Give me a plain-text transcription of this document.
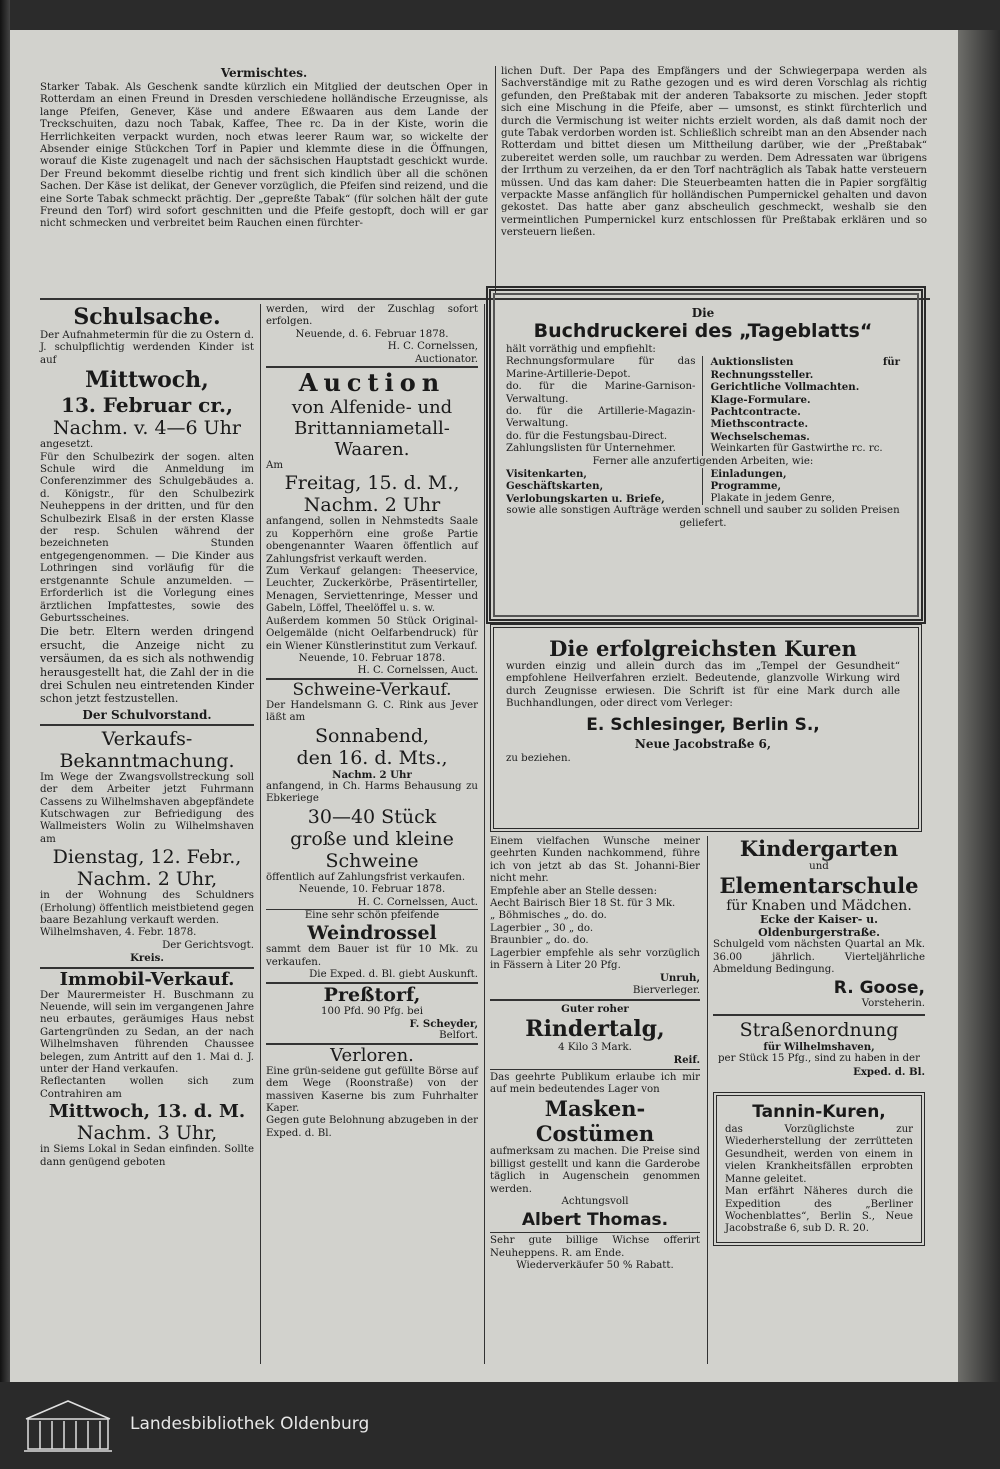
Vermischtes.

Starker Tabak. Als Geschenk sandte kürzlich ein Mitglied der deutschen Oper in Rotterdam an einen Freund in Dresden verschiedene holländische Erzeugnisse, als lange Pfeifen, Genever, Käse und andere Eßwaaren aus dem Lande der Treckschuiten, dazu noch Tabak, Kaffee, Thee rc. Da in der Kiste, worin die Herrlichkeiten verpackt wurden, noch etwas leerer Raum war, so wickelte der Absender einige Stückchen Torf in Papier und klemmte diese in die Öffnungen, worauf die Kiste zugenagelt und nach der sächsischen Hauptstadt geschickt wurde. Der Freund bekommt dieselbe richtig und frent sich kindlich über all die schönen Sachen. Der Käse ist delikat, der Genever vorzüglich, die Pfeifen sind reizend, und die eine Sorte Tabak schmeckt prächtig. Der „gepreßte Tabak“ (für solchen hält der gute Freund den Torf) wird sofort geschnitten und die Pfeife gestopft, doch will er gar nicht schmecken und verbreitet beim Rauchen einen fürchter-

lichen Duft. Der Papa des Empfängers und der Schwiegerpapa werden als Sachverständige mit zu Rathe gezogen und es wird deren Vorschlag als richtig gefunden, den Preßtabak mit der anderen Tabaksorte zu mischen. Jeder stopft sich eine Mischung in die Pfeife, aber — umsonst, es stinkt fürchterlich und durch die Vermischung ist weiter nichts erzielt worden, als daß damit noch der gute Tabak verdorben worden ist. Schließlich schreibt man an den Absender nach Rotterdam und bittet diesen um Mittheilung darüber, wie der „Preßtabak“ zubereitet werden solle, um rauchbar zu werden. Dem Adressaten war übrigens der Irrthum zu verzeihen, da er den Torf nachträglich als Tabak hatte versteuern müssen. Und das kam daher: Die Steuerbeamten hatten die in Papier sorgfältig verpackte Masse anfänglich für holländischen Pumpernickel gehalten und davon gekostet. Das hatte aber ganz abscheulich geschmeckt, weshalb sie den vermeintlichen Pumpernickel kurz entschlossen für Preßtabak erklären und so versteuern ließen.

Schulsache.

Der Aufnahmetermin für die zu Ostern d. J. schulpflichtig werdenden Kinder ist auf

Mittwoch,

13. Februar cr.,

Nachm. v. 4—6 Uhr

angesetzt.

Für den Schulbezirk der sogen. alten Schule wird die Anmeldung im Conferenzimmer des Schulgebäudes a. d. Königstr., für den Schulbezirk Neuheppens in der dritten, und für den Schulbezirk Elsaß in der ersten Klasse der resp. Schulen während der bezeichneten Stunden entgegengenommen. — Die Kinder aus Lothringen sind vorläufig für die erstgenannte Schule anzumelden. — Erforderlich ist die Vorlegung eines ärztlichen Impfattestes, sowie des Geburtsscheines.

Die betr. Eltern werden dringend ersucht, die Anzeige nicht zu versäumen, da es sich als nothwendig herausgestellt hat, die Zahl der in die drei Schulen neu eintretenden Kinder schon jetzt festzustellen.

Der Schulvorstand.

Verkaufs-

Bekanntmachung.

Im Wege der Zwangsvollstreckung soll der dem Arbeiter jetzt Fuhrmann Cassens zu Wilhelmshaven abgepfändete Kutschwagen zur Befriedigung des Wallmeisters Wolin zu Wilhelmshaven am

Dienstag, 12. Febr.,

Nachm. 2 Uhr,

in der Wohnung des Schuldners (Erholung) öffentlich meistbietend gegen baare Bezahlung verkauft werden.

Wilhelmshaven, 4. Febr. 1878.

Der Gerichtsvogt.

Kreis.

Immobil-Verkauf.

Der Maurermeister H. Buschmann zu Neuende, will sein im vergangenen Jahre neu erbautes, geräumiges Haus nebst Gartengründen zu Sedan, an der nach Wilhelmshaven führenden Chaussee belegen, zum Antritt auf den 1. Mai d. J. unter der Hand verkaufen.

Reflectanten wollen sich zum Contrahiren am

Mittwoch, 13. d. M.

Nachm. 3 Uhr,

in Siems Lokal in Sedan einfinden. Sollte dann genügend geboten

werden, wird der Zuschlag sofort erfolgen.

Neuende, d. 6. Februar 1878.

H. C. Cornelssen,

Auctionator.

Auction

von Alfenide- und

Brittanniametall-

Waaren.

Am

Freitag, 15. d. M.,

Nachm. 2 Uhr

anfangend, sollen in Nehmstedts Saale zu Kopperhörn eine große Partie obengenannter Waaren öffentlich auf Zahlungsfrist verkauft werden.

Zum Verkauf gelangen: Theeservice, Leuchter, Zuckerkörbe, Präsentirteller, Menagen, Serviettenringe, Messer und Gabeln, Löffel, Theelöffel u. s. w.

Außerdem kommen 50 Stück Original-Oelgemälde (nicht Oelfarbendruck) für ein Wiener Künstlerinstitut zum Verkauf.

Neuende, 10. Februar 1878.

H. C. Cornelssen, Auct.

Schweine-Verkauf.

Der Handelsmann G. C. Rink aus Jever läßt am

Sonnabend,

den 16. d. Mts.,

Nachm. 2 Uhr

anfangend, in Ch. Harms Behausung zu Ebkeriege

30—40 Stück

große und kleine

Schweine

öffentlich auf Zahlungsfrist verkaufen.

Neuende, 10. Februar 1878.

H. C. Cornelssen, Auct.

Eine sehr schön pfeifende

Weindrossel

sammt dem Bauer ist für 10 Mk. zu verkaufen.

Die Exped. d. Bl. giebt Auskunft.

Preßtorf,

100 Pfd. 90 Pfg. bei

F. Scheyder,

Belfort.

Verloren.

Eine grün-seidene gut gefüllte Börse auf dem Wege (Roonstraße) von der massiven Kaserne bis zum Fuhrhalter Kaper.

Gegen gute Belohnung abzugeben in der Exped. d. Bl.

Die

Buchdruckerei des „Tageblatts“

hält vorräthig und empfiehlt:

Rechnungsformulare für das Marine-Artillerie-Depot.

do. für die Marine-Garnison-Verwaltung.

do. für die Artillerie-Magazin-Verwaltung.

do. für die Festungsbau-Direct.

Zahlungslisten für Unternehmer.

Auktionslisten für Rechnungssteller.

Gerichtliche Vollmachten.

Klage-Formulare.

Pachtcontracte.

Miethscontracte.

Wechselschemas.

Weinkarten für Gastwirthe rc. rc.

Ferner alle anzufertigenden Arbeiten, wie:

Visitenkarten,

Geschäftskarten,

Verlobungskarten u. Briefe,

Einladungen,

Programme,

Plakate in jedem Genre,

sowie alle sonstigen Aufträge werden schnell und sauber zu soliden Preisen geliefert.

Die erfolgreichsten Kuren

wurden einzig und allein durch das im „Tempel der Gesundheit“ empfohlene Heilverfahren erzielt. Bedeutende, glanzvolle Wirkung wird durch Zeugnisse erwiesen. Die Schrift ist für eine Mark durch alle Buchhandlungen, oder direct vom Verleger:

E. Schlesinger, Berlin S.,

Neue Jacobstraße 6,

zu beziehen.

Einem vielfachen Wunsche meiner geehrten Kunden nachkommend, führe ich von jetzt ab das St. Johanni-Bier nicht mehr.

Empfehle aber an Stelle dessen:

Aecht Bairisch Bier 18 St. für 3 Mk.

„ Böhmisches „ do. do.

Lagerbier „ 30 „ do.

Braunbier „ do. do.

Lagerbier empfehle als sehr vorzüglich in Fässern à Liter 20 Pfg.

Unruh,

Bierverleger.

Guter roher

Rindertalg,

4 Kilo 3 Mark.

Reif.

Das geehrte Publikum erlaube ich mir auf mein bedeutendes Lager von

Masken-

Costümen

aufmerksam zu machen. Die Preise sind billigst gestellt und kann die Garderobe täglich in Augenschein genommen werden.

Achtungsvoll

Albert Thomas.

Sehr gute billige Wichse offerirt Neuheppens. R. am Ende.

Wiederverkäufer 50 % Rabatt.

Kindergarten

und

Elementarschule

für Knaben und Mädchen.

Ecke der Kaiser- u. Oldenburgerstraße.

Schulgeld vom nächsten Quartal an Mk. 36.00 jährlich. Vierteljährliche Abmeldung Bedingung.

R. Goose,

Vorsteherin.

Straßenordnung

für Wilhelmshaven,

per Stück 15 Pfg., sind zu haben in der

Exped. d. Bl.

Tannin-Kuren,

das Vorzüglichste zur Wiederherstellung der zerrütteten Gesundheit, werden von einem in vielen Krankheitsfällen erprobten Manne geleitet.

Man erfährt Näheres durch die Expedition des „Berliner Wochenblattes“, Berlin S., Neue Jacobstraße 6, sub D. R. 20.

Landesbibliothek Oldenburg
